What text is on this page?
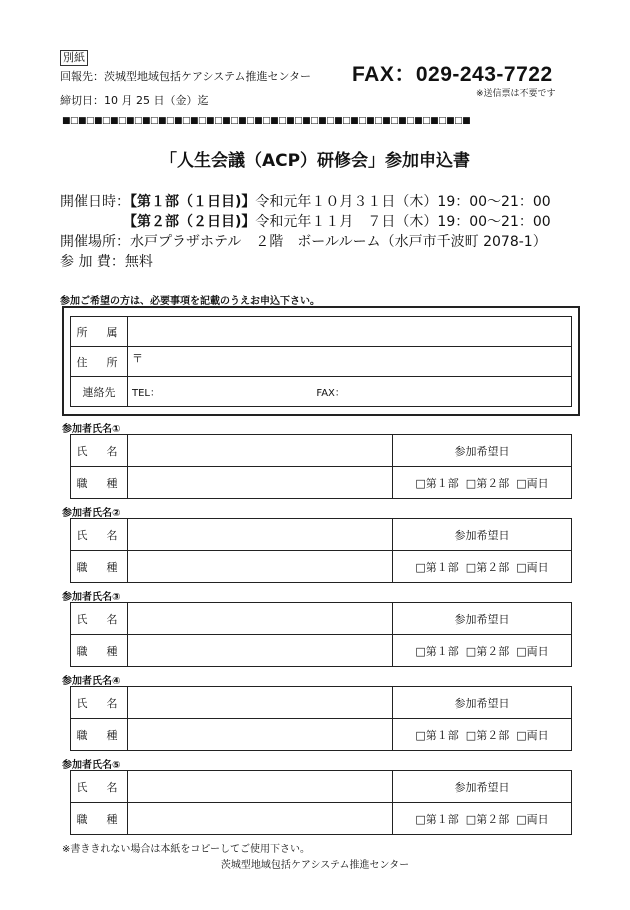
別紙
回報先：茨城型地域包括ケアシステム推進センター FAX：029-243-7722
締切日：10 月 25 日（金）迄	※送信票は不要です
■□■□■□■□■□■□■□■□■□■□■□■□■□■□■□■□■□■□■□■□■□■□■□■□■□■
「人生会議（ACP）研修会」参加申込書
開催日時：【第１部（１日目)】令和元年１０月３１日（木）19：00～21：00
【第２部（２日目)】令和元年１１月　７日（木）19：00～21：00
開催場所：水戸プラザホテル　２階　ボールルーム（水戸市千波町 2078-1）
参 加 費：無料
参加ご希望の方は、必要事項を記載のうえお申込下さい。
所　属	
住　所	〒
連絡先	TEL： FAX：
参加者氏名①
氏　名		参加希望日
職　種		□第１部 □第２部 □両日
参加者氏名②
氏　名		参加希望日
職　種		□第１部 □第２部 □両日
参加者氏名③
氏　名		参加希望日
職　種		□第１部 □第２部 □両日
参加者氏名④
氏　名		参加希望日
職　種		□第１部 □第２部 □両日
参加者氏名⑤
氏　名		参加希望日
職　種		□第１部 □第２部 □両日
※書ききれない場合は本紙をコピーしてご使用下さい。
茨城型地域包括ケアシステム推進センター
